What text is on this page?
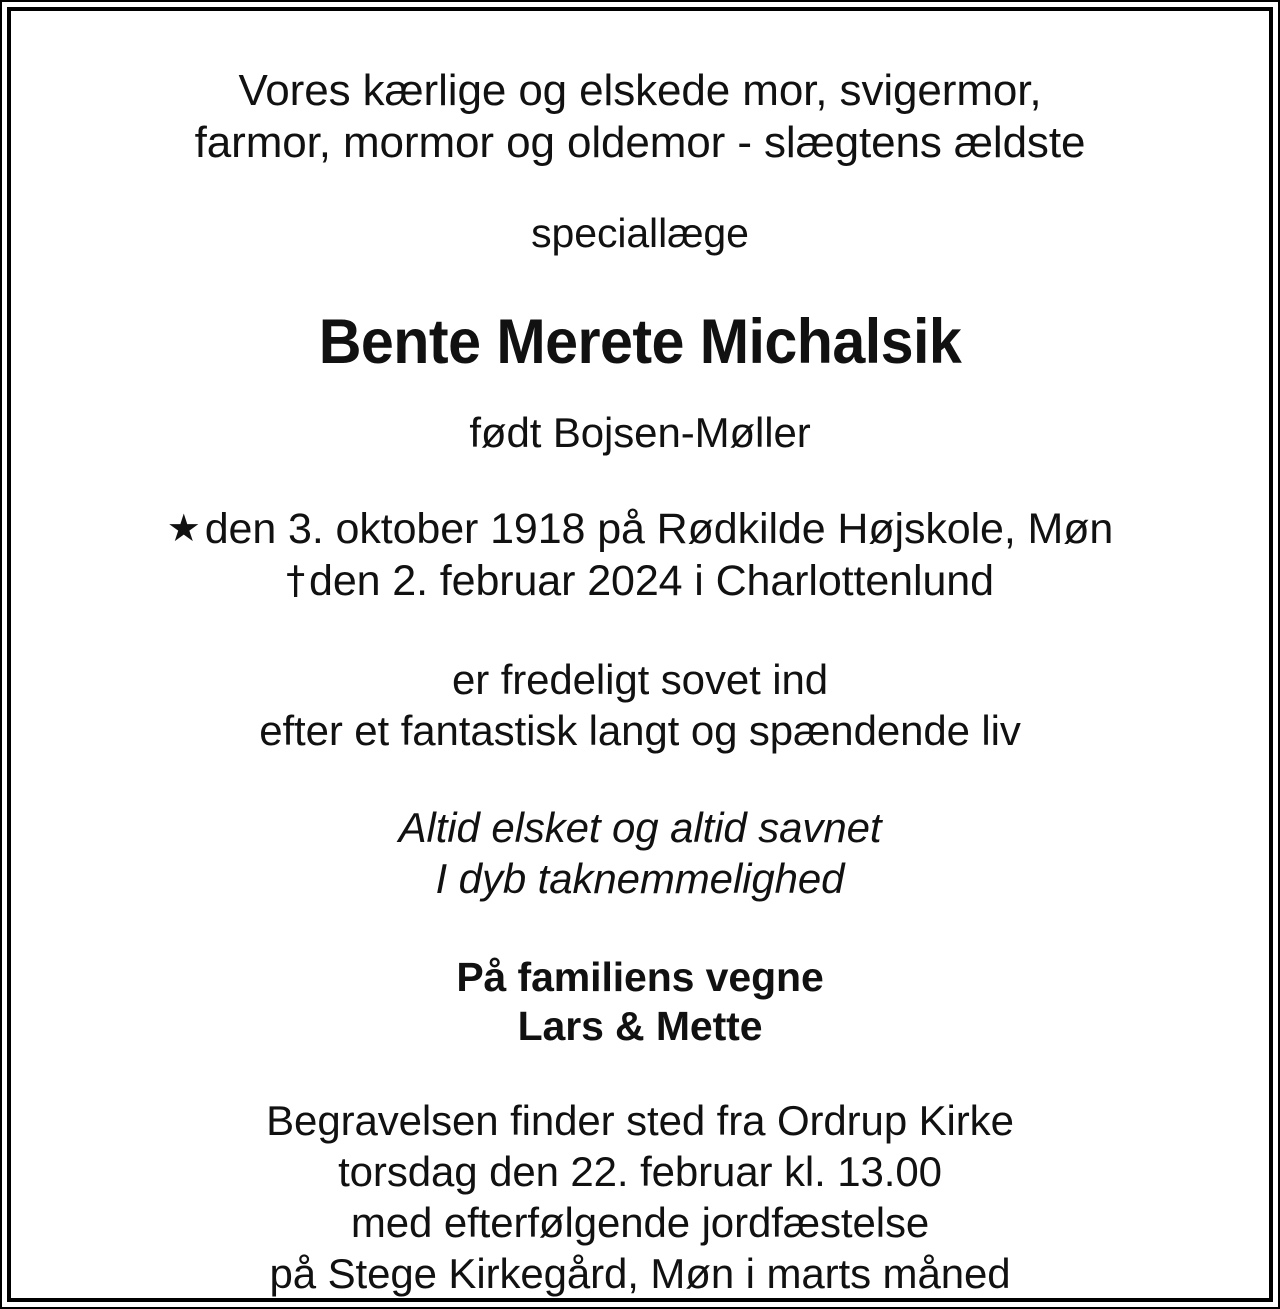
Vores kærlige og elskede mor, svigermor,
farmor, mormor og oldemor - slægtens ældste
speciallæge
Bente Merete Michalsik
født Bojsen-Møller
★den 3. oktober 1918 på Rødkilde Højskole, Møn
†den 2. februar 2024 i Charlottenlund
er fredeligt sovet ind
efter et fantastisk langt og spændende liv
Altid elsket og altid savnet
I dyb taknemmelighed
På familiens vegne
Lars & Mette
Begravelsen finder sted fra Ordrup Kirke
torsdag den 22. februar kl. 13.00
med efterfølgende jordfæstelse
på Stege Kirkegård, Møn i marts måned
